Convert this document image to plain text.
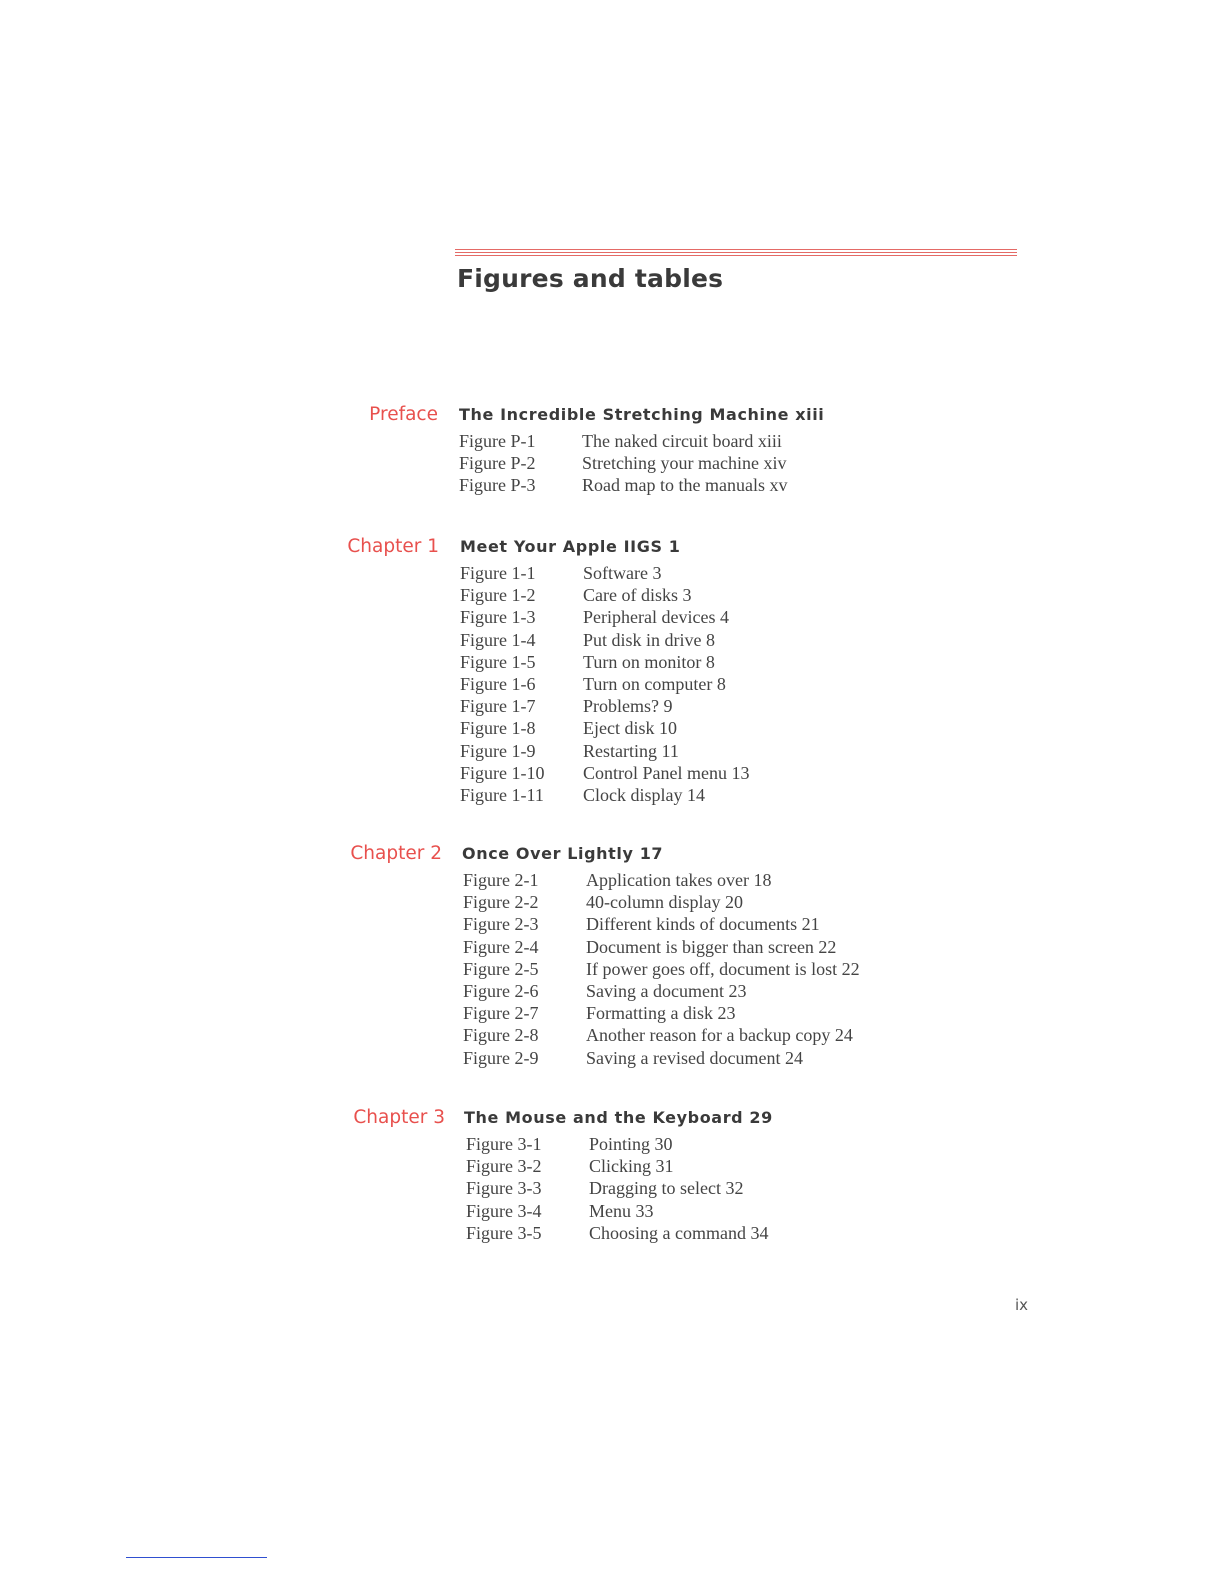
Figures and tables
Preface The Incredible Stretching Machine xiii
Figure P-1	The naked circuit board xiii
Figure P-2	Stretching your machine xiv
Figure P-3	Road map to the manuals xv
Chapter 1 Meet Your Apple IIGS 1
Figure 1-1	Software 3
Figure 1-2	Care of disks 3
Figure 1-3	Peripheral devices 4
Figure 1-4	Put disk in drive 8
Figure 1-5	Turn on monitor 8
Figure 1-6	Turn on computer 8
Figure 1-7	Problems? 9
Figure 1-8	Eject disk 10
Figure 1-9	Restarting 11
Figure 1-10 Control Panel menu 13
Figure 1-11 Clock display 14
Chapter 2 Once Over Lightly 17
Figure 2-1	Application takes over 18
Figure 2-2	40-column display 20
Figure 2-3	Different kinds of documents 21
Figure 2-4	Document is bigger than screen 22
Figure 2-5	If power goes off, document is lost 22
Figure 2-6	Saving a document 23
Figure 2-7	Formatting a disk 23
Figure 2-8	Another reason for a backup copy 24
Figure 2-9	Saving a revised document 24
Chapter 3 The Mouse and the Keyboard 29
Figure 3-1	Pointing 30
Figure 3-2	Clicking 31
Figure 3-3	Dragging to select 32
Figure 3-4	Menu 33
Figure 3-5	Choosing a command 34
ix
